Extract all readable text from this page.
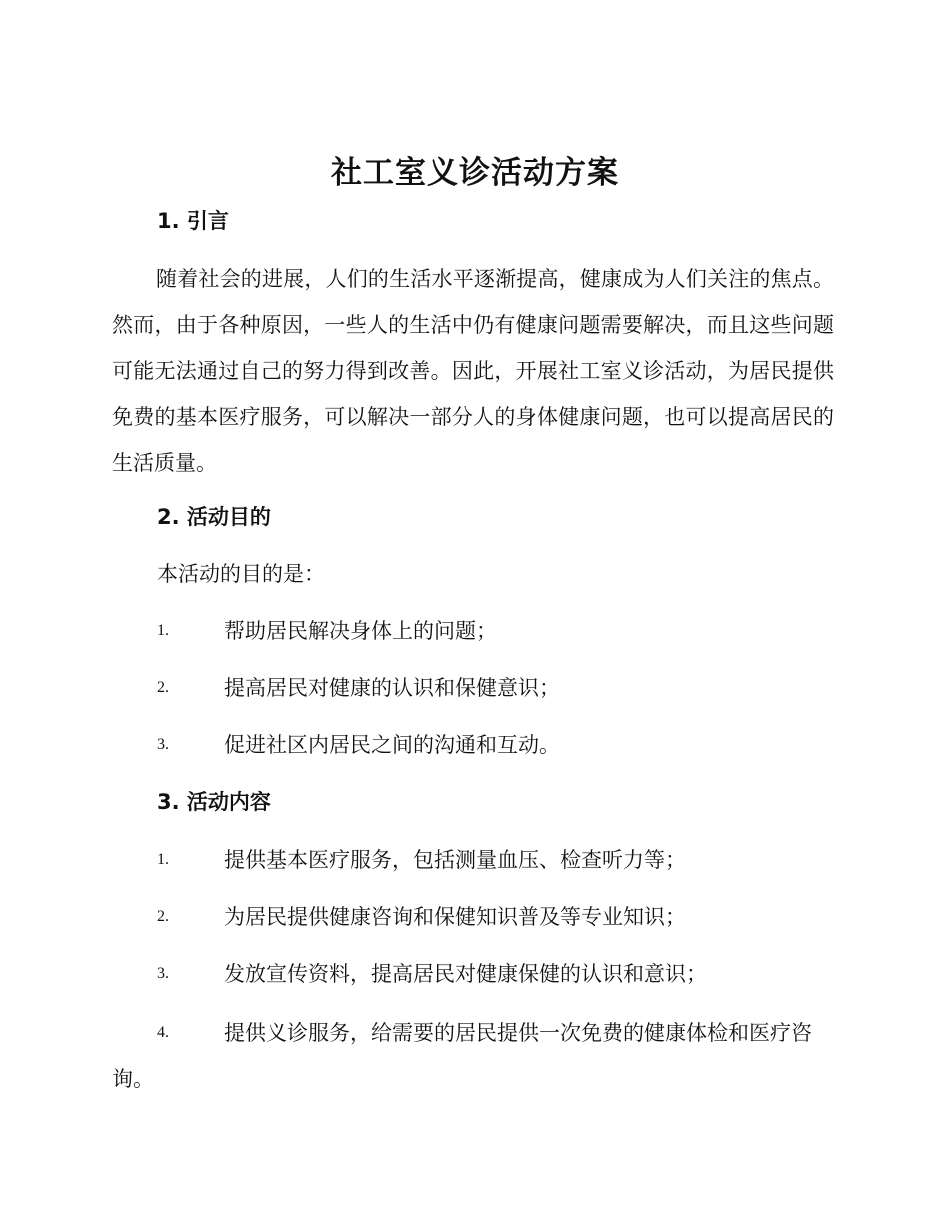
社工室义诊活动方案
1. 引言

随着社会的进展，人们的生活水平逐渐提高，健康成为人们关注的焦点。然而，由于各种原因，一些人的生活中仍有健康问题需要解决，而且这些问题可能无法通过自己的努力得到改善。因此，开展社工室义诊活动，为居民提供免费的基本医疗服务，可以解决一部分人的身体健康问题，也可以提高居民的生活质量。

2. 活动目的

本活动的目的是：

1.	帮助居民解决身体上的问题；
2.	提高居民对健康的认识和保健意识；
3.	促进社区内居民之间的沟通和互动。
3. 活动内容
1.	提供基本医疗服务，包括测量血压、检查听力等；
2.	为居民提供健康咨询和保健知识普及等专业知识；
3.	发放宣传资料，提高居民对健康保健的认识和意识；
4.	提供义诊服务，给需要的居民提供一次免费的健康体检和医疗咨询。
